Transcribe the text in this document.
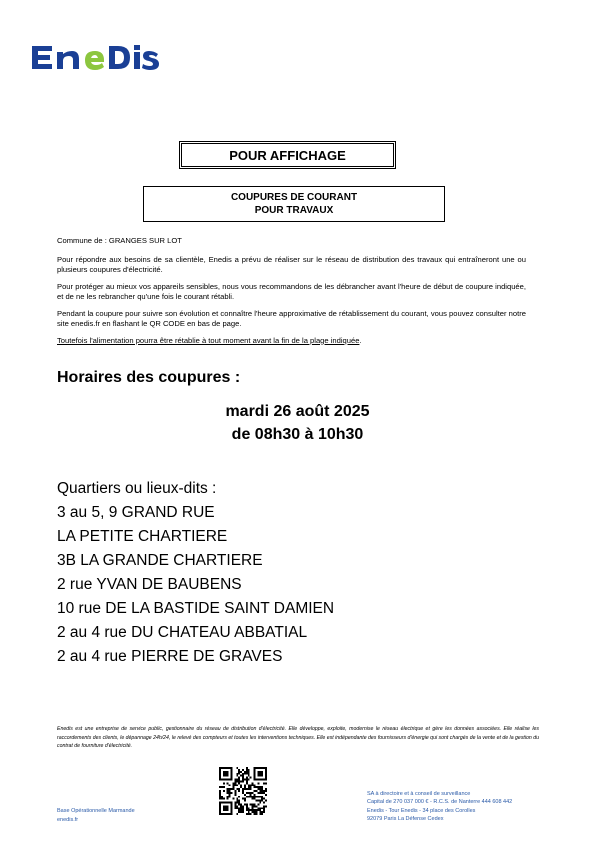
POUR AFFICHAGE
COUPURES DE COURANT
POUR TRAVAUX

Commune de : GRANGES SUR LOT

Pour répondre aux besoins de sa clientèle, Enedis a prévu de réaliser sur le réseau de distribution des travaux qui entraîneront une ou plusieurs coupures d'électricité.

Pour protéger au mieux vos appareils sensibles, nous vous recommandons de les débrancher avant l'heure de début de coupure indiquée, et de ne les rebrancher qu'une fois le courant rétabli.

Pendant la coupure pour suivre son évolution et connaître l'heure approximative de rétablissement du courant, vous pouvez consulter notre site enedis.fr en flashant le QR CODE en bas de page.

Toutefois l'alimentation pourra être rétablie à tout moment avant la fin de la plage indiquée.

Horaires des coupures :
mardi 26 août 2025
de 08h30 à 10h30
Quartiers ou lieux-dits :
3 au 5, 9 GRAND RUE
LA PETITE CHARTIERE
3B LA GRANDE CHARTIERE
2 rue YVAN DE BAUBENS
10 rue DE LA BASTIDE SAINT DAMIEN
2 au 4 rue DU CHATEAU ABBATIAL
2 au 4 rue PIERRE DE GRAVES
Enedis est une entreprise de service public, gestionnaire du réseau de distribution d'électricité. Elle développe, exploite, modernise le réseau électrique et gère les données associées. Elle réalise les raccordements des clients, le dépannage 24h/24, le relevé des compteurs et toutes les interventions techniques. Elle est indépendante des fournisseurs d'énergie qui sont chargés de la vente et de la gestion du contrat de fourniture d'électricité.
Base Opérationnelle Marmande
enedis.fr
SA à directoire et à conseil de surveillance
Capital de 270 037 000 € - R.C.S. de Nanterre 444 608 442
Enedis - Tour Enedis - 34 place des Corolles
92079 Paris La Défense Cedex
